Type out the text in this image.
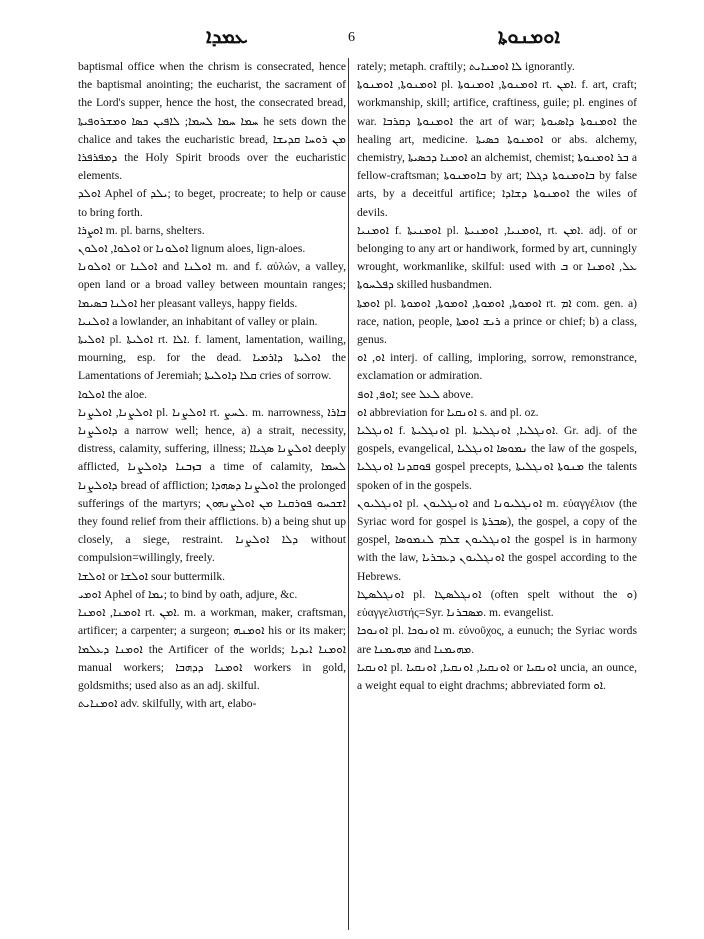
ܥܡܕܐ	6	ܐܘܡܢܘܬܐ

baptismal office when the chrism is consecrated, hence the baptismal anointing; the eucharist, the sacrament of the Lord's supper, hence the host, the consecrated bread, ܚܡܐ ܚܡܐ ܠܚܡܐ; ܠܐܦܝܢ ܟܣܐ ܘܡܫܪܘܦܝܬܐ he sets down the chalice and takes the eucharistic bread, ܡܢ ܪܘܚܐ ܩܕܝܫܐ ܕܡܦܪܦܪܐ the Holy Spirit broods over the eucharistic elements.

ܐܘܠܕ Aphel of ܝܠܕ; to beget, procreate; to help or cause to bring forth.

ܐܘܨܪܐ m. pl. barns, shelters.

ܐܘܠܘܐ, ܐܘܠܘܢ or ܐܘܠܘܢܐ lignum aloes, lign-aloes.

ܐܘܠܘܢܐ or ܐܘܠܢܐ and ܐܘܠܢܐ m. and f. αὐλών, a valley, open land or a broad valley between mountain ranges; ܐܘܠܢܐ ܒܣܝܡܐ her pleasant valleys, happy fields.

ܐܘܠܢܝܐ a lowlander, an inhabitant of valley or plain.

ܐܘܠܝܬܐ pl. ܐܘܠܝܬܐ rt. ܐܠܐ. f. lament, lamentation, wailing, mourning, esp. for the dead. ܐܘܠܝܬܐ ܕܐܪܡܝܐ the Lamentations of Jeremiah; ܩܠܐ ܕܐܘܠܝܬܐ cries of sorrow.

ܐܘܠܘܐ the aloe.

ܐܘܠܨܢܐ, ܐܘܠܨܢܐ pl. ܐܘܠܨܢܐ rt. ܠܚܨ. m. narrowness, ܒܐܪܐ ܕܐܘܠܨܢܐ a narrow well; hence, a) a strait, necessity, distress, calamity, suffering, illness; ܐܘܠܨܢܐ ܣܓܝܐܐ deeply afflicted, ܒܙܒܢܐ ܕܐܘܠܨܢܐ a time of calamity, ܠܚܡܐ ܕܐܘܠܨܢܐ bread of affliction; ܐܘܠܨܢܐ ܕܣܗܕܐ the prolonged sufferings of the martyrs; ܐܫܟܚܘ ܦܘܪܩܢܐ ܡܢ ܐܘܠܨܢܗܘܢ they found relief from their afflictions. b) a being shut up closely, a siege, restraint. ܕܠܐ ܐܘܠܨܢܐ without compulsion=willingly, freely.

ܐܘܠܫܐ or ܐܘܠܫܐ sour buttermilk.

ܐܘܡܝ Aphel of ܝܡܐ; to bind by oath, adjure, &c.

ܐܘܡܢܐ, ܐܘܡܢܐ rt. ܐܡܢ. m. a workman, maker, craftsman, artificer; a carpenter; a surgeon; ܐܘܡܢܗ his or its maker; ܐܘܡܢܐ ܕܥܠܡܐ the Artificer of the worlds; ܐܘܡܢܐ ܐܝܕܝܐ manual workers; ܐܘܡܢܐ ܕܕܗܒܐ workers in gold, goldsmiths; used also as an adj. skilful.

ܐܘܡܢܐܝܬ adv. skilfully, with art, elabo-

rately; metaph. craftily; ܠܐ ܐܘܡܢܐܝܬ ignorantly.

ܐܘܡܢܘܬܐ, ܐܘܡܢܘܬܐ pl. ܐܘܡܢܘܬܐ, ܐܘܡܢܘܬܐ rt. ܐܡܢ. f. art, craft; workmanship, skill; artifice, craftiness, guile; pl. engines of war. ܐܘܡܢܘܬܐ ܕܩܪܒܐ the art of war; ܐܘܡܢܘܬܐ ܕܐܣܝܘܬܐ the healing art, medicine. ܐܘܡܢܘܬܐ ܟܣܝܬܐ or abs. alchemy, chemistry, ܐܘܡܢܐ ܕܟܣܝܬܐ an alchemist, chemist; ܒܪ ܐܘܡܢܘܬܐ a fellow-craftsman; ܒܐܘܡܢܘܬܐ by art; ܒܐܘܡܢܘܬܐ ܕܓܠܐ by false arts, by a deceitful artifice; ܐܘܡܢܘܬܐ ܕܫܐܕܐ the wiles of devils.

ܐܘܡܢܝܐ f. ܐܘܡܢܝܬܐ pl. ܐܘܡܢܝܐ, ܐܘܡܢܝܬܐ, rt. ܐܡܢ. adj. of or belonging to any art or handiwork, formed by art, cunningly wrought, workmanlike, skilful: used with ܒ or ܥܠ, ܐܘܡܢܐ ܕܦܠܚܘܬܐ skilled husbandmen.

ܐܘܡܬܐ pl. ܐܘܡܘܬܐ, ܐܘܡܘܬܐ, ܐܘܡܘܬܐ, ܐܘܡܘܬܐ rt. ܐܡ com. gen. a) race, nation, people, ܪܝܫ ܐܘܡܬܐ a prince or chief; b) a class, genus.

ܐܘ, ܐܘ interj. of calling, imploring, sorrow, remonstrance, exclamation or admiration.

ܐܘܦ, ܐܘܦ; see ܠܥܠ above.

ܐܘ abbreviation for ܐܘܢܩܝܐ s. and pl. oz.

ܐܘܢܓܠܝܐ f. ܐܘܢܓܠܝܬܐ pl. ܐܘܢܓܠܝܐ, ܐܘܢܓܠܝܬܐ. Gr. adj. of the gospels, evangelical, ܢܡܘܣܐ ܐܘܢܓܠܝܐ the law of the gospels, ܦܘܩܕܢܐ ܐܘܢܓܠܝܐ gospel precepts, ܡܢܘܬܐ ܐܘܢܓܠܝܬܐ the talents spoken of in the gospels.

ܐܘܢܓܠܝܘܢ pl. ܐܘܢܓܠܝܘܢ and ܐܘܢܓܠܝܘܢܐ m. εὐαγγέλιον (the Syriac word for gospel is ܣܒܪܬܐ), the gospel, a copy of the gospel, ܐܘܢܓܠܝܘܢ ܫܠܡ ܠܢܡܘܣܐ the gospel is in harmony with the law, ܐܘܢܓܠܝܘܢ ܕܥܒܪܝܐ the gospel according to the Hebrews.

ܐܘܢܓܠܣܛܐ pl. ܐܘܢܓܠܣܛܐ (often spelt without the ܘ) εὐαγγελιστής=Syr. ܡܣܒܪܢܐ. m. evangelist.

ܐܘܢܘܟܐ pl. ܐܘܢܘܟܐ m. εὐνοῦχος, a eunuch; the Syriac words are ܡܗܝܡܢܐ and ܡܗܝܡܢܐ.

ܐܘܢܩܝܐ pl. ܐܘܢܩܝܐ, ܐܘܢܩܝܐ, ܐܘܢܩܝܐ or ܐܘܢܩܝܐ uncia, an ounce, a weight equal to eight drachms; abbreviated form ܐܘ.
